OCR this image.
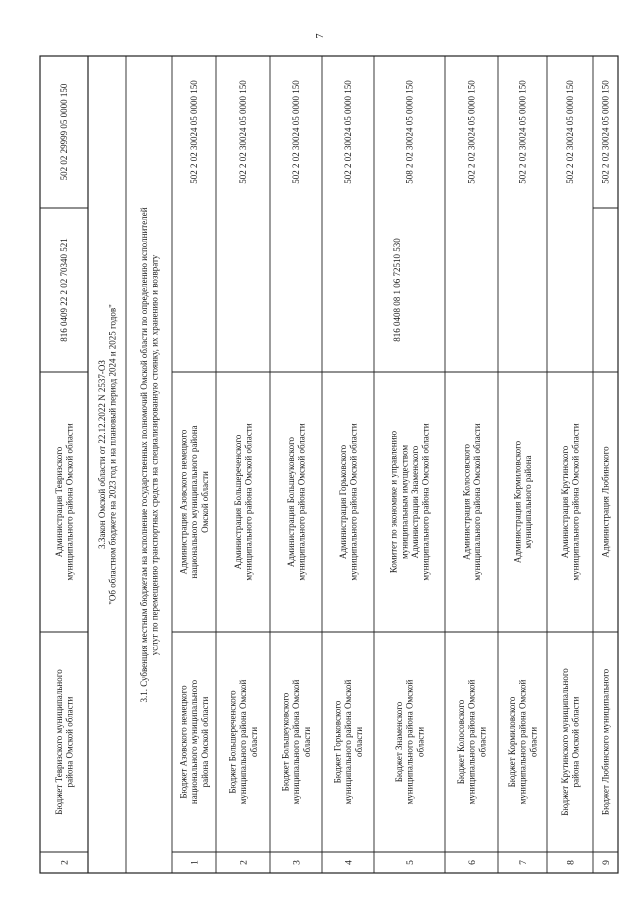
7
2
Бюджет Тевризского муниципального района Омской области
Администрация Тевризского муниципального района Омской области
816 0409 22 2 02 70340 521
502 02 29999 05 0000 150
3.Закон Омской области от 22.12.2022 N 2537-ОЗ "Об областном бюджете на 2023 год и на плановый период 2024 и 2025 годов" 3.1. Субвенция местным бюджетам на исполнение государственных полномочий Омской области по определению исполнителей услуг по перемещению транспортных средств на специализированную стоянку, их хранению и возврату
1
Бюджет Азовского немецкого национального муниципального района Омской области
Администрация Азовского немецкого национального муниципального района Омской области
502 2 02 30024 05 0000 150
2
Бюджет Большереченского муниципального района Омской области
Администрация Большереченского муниципального района Омской области
502 2 02 30024 05 0000 150
3
Бюджет Большеуковского муниципального района Омской области
Администрация Большеуковского муниципального района Омской области
502 2 02 30024 05 0000 150
4
Бюджет Горьковского муниципального района Омской области
Администрация Горьковского муниципального района Омской области
502 2 02 30024 05 0000 150
5
Бюджет Знаменского муниципального района Омской области
Комитет по экономике и управлению муниципальным имуществом Администрации Знаменского муниципального района Омской области
508 2 02 30024 05 0000 150
6
Бюджет Колосовского муниципального района Омской области
Администрация Колосовского муниципального района Омской области
502 2 02 30024 05 0000 150
7
Бюджет Кормиловского муниципального района Омской области
Администрация Кормиловского муниципального района
502 2 02 30024 05 0000 150
8
Бюджет Крутинского муниципального района Омской области
Администрация Крутинского муниципального района Омской области
502 2 02 30024 05 0000 150
9
Бюджет Любинского муниципального
Администрация Любинского
502 2 02 30024 05 0000 150
816 0408 08 1 06 72510 530
